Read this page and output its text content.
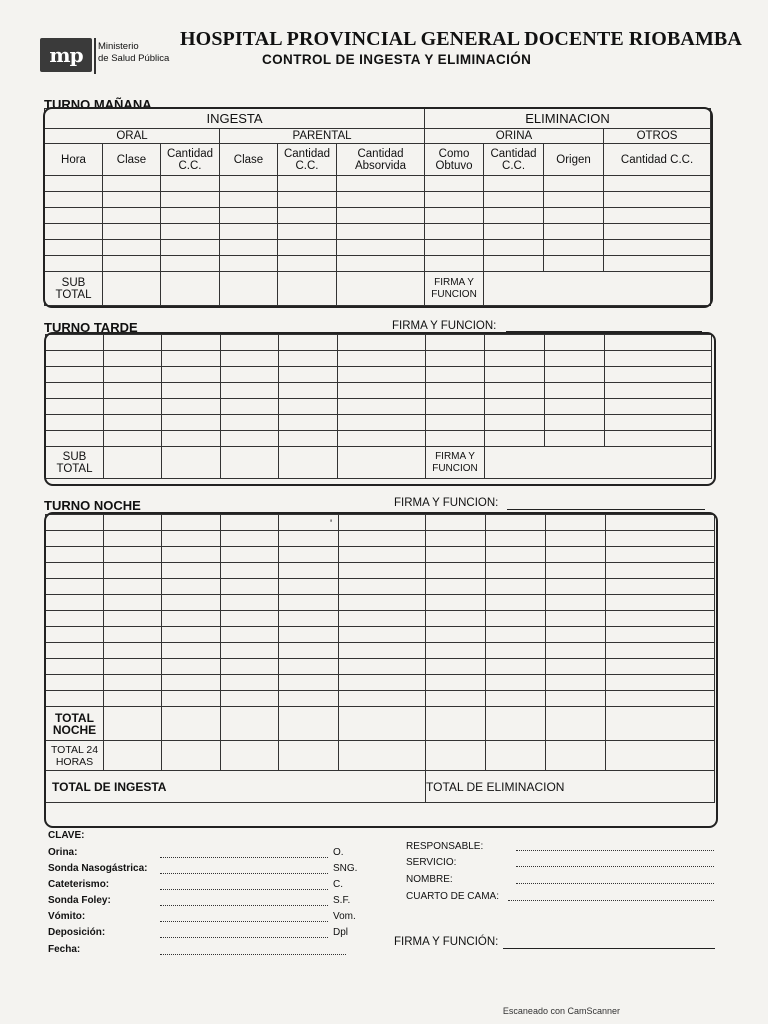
mp	Ministerio
de Salud Pública
HOSPITAL PROVINCIAL GENERAL DOCENTE RIOBAMBA
CONTROL DE INGESTA Y ELIMINACIÓN
TURNO MAÑANA
INGESTA						ELIMINACION			
ORAL			PARENTAL			ORINA			OTROS
Hora	Clase	Cantidad C.C.	Clase	Cantidad C.C.	Cantidad Absorvida	Como Obtuvo	Cantidad C.C.	Origen	Cantidad C.C.

SUB TOTAL						FIRMA Y FUNCION			
TURNO TARDE	FIRMA Y FUNCION:

SUB TOTAL						FIRMA Y FUNCION			
TURNO NOCHE	FIRMA Y FUNCION:
'

TOTAL NOCHE									
TOTAL 24 HORAS									
TOTAL DE INGESTA						TOTAL DE ELIMINACION			
CLAVE:
Orina:	O.
Sonda Nasogástrica:	SNG.
Cateterismo:	C.
Sonda Foley:	S.F.
Vómito:	Vom.
Deposición:	Dpl
Fecha:
RESPONSABLE:
SERVICIO:
NOMBRE:
CUARTO DE CAMA:
FIRMA Y FUNCIÓN:
Escaneado con CamScanner
